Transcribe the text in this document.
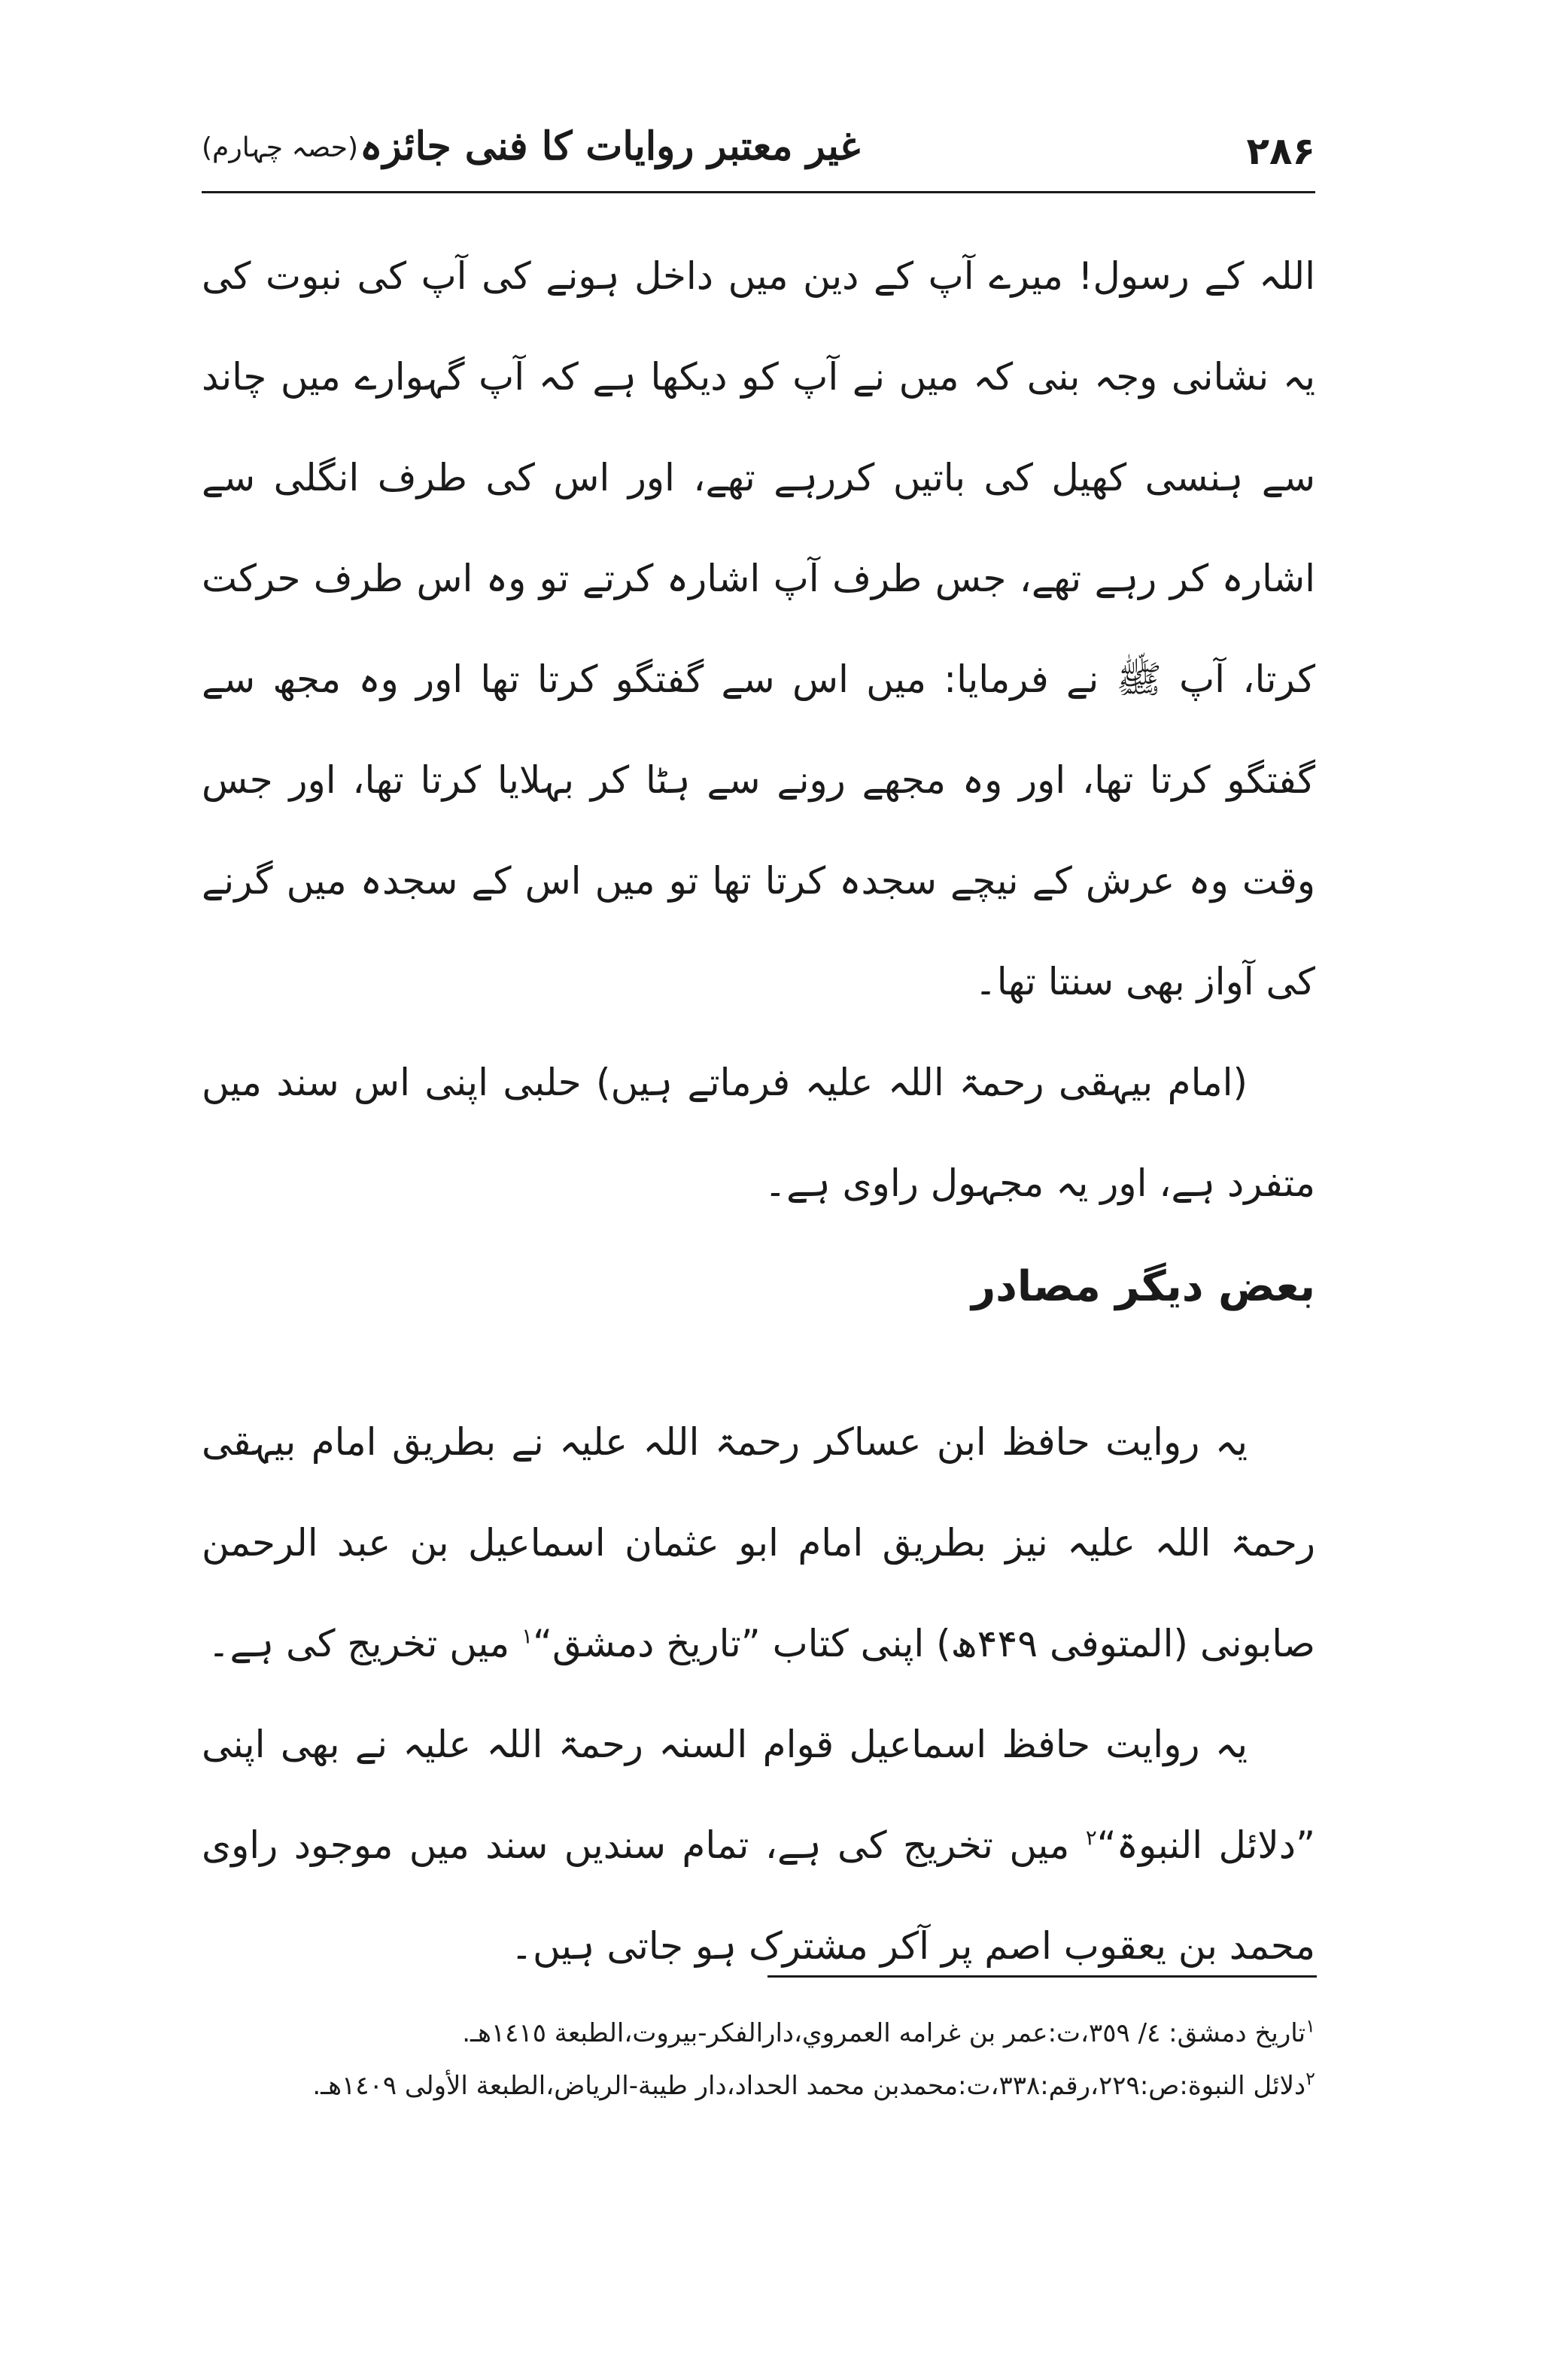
۲۸۶
غیر معتبر روایات کا فنی جائزہ
(حصہ چہارم)

اللہ کے رسول! میرے آپ کے دین میں داخل ہونے کی آپ کی نبوت کی یہ نشانی وجہ بنی کہ میں نے آپ کو دیکھا ہے کہ آپ گہوارے میں چاند سے ہنسی کھیل کی باتیں کررہے تھے، اور اس کی طرف انگلی سے اشارہ کر رہے تھے، جس طرف آپ اشارہ کرتے تو وہ اس طرف حرکت کرتا، آپ ﷺ نے فرمایا: میں اس سے گفتگو کرتا تھا اور وہ مجھ سے گفتگو کرتا تھا، اور وہ مجھے رونے سے ہٹا کر بہلایا کرتا تھا، اور جس وقت وہ عرش کے نیچے سجدہ کرتا تھا تو میں اس کے سجدہ میں گرنے کی آواز بھی سنتا تھا۔

(امام بیہقی رحمۃ اللہ علیہ فرماتے ہیں) حلبی اپنی اس سند میں متفرد ہے، اور یہ مجہول راوی ہے۔

بعض دیگر مصادر

یہ روایت حافظ ابن عساکر رحمۃ اللہ علیہ نے بطریق امام بیہقی رحمۃ اللہ علیہ نیز بطریق امام ابو عثمان اسماعیل بن عبد الرحمن صابونی (المتوفی ۴۴۹ھ) اپنی کتاب ”تاریخ دمشق“$^۱$ میں تخریج کی ہے۔

یہ روایت حافظ اسماعیل قوام السنہ رحمۃ اللہ علیہ نے بھی اپنی ”دلائل النبوۃ“$^۲$ میں تخریج کی ہے، تمام سندیں سند میں موجود راوی محمد بن یعقوب اصم پر آکر مشترک ہو جاتی ہیں۔

$^۱$تاريخ دمشق: ٤/ ٣٥٩،ت:عمر بن غرامه العمروي،دارالفكر-بيروت،الطبعة ١٤١٥هـ.

$^۲$دلائل النبوة:ص:٢٢٩،رقم:٣٣٨،ت:محمدبن محمد الحداد،دار طيبة-الرياض،الطبعة الأولى ١٤٠٩هـ.
